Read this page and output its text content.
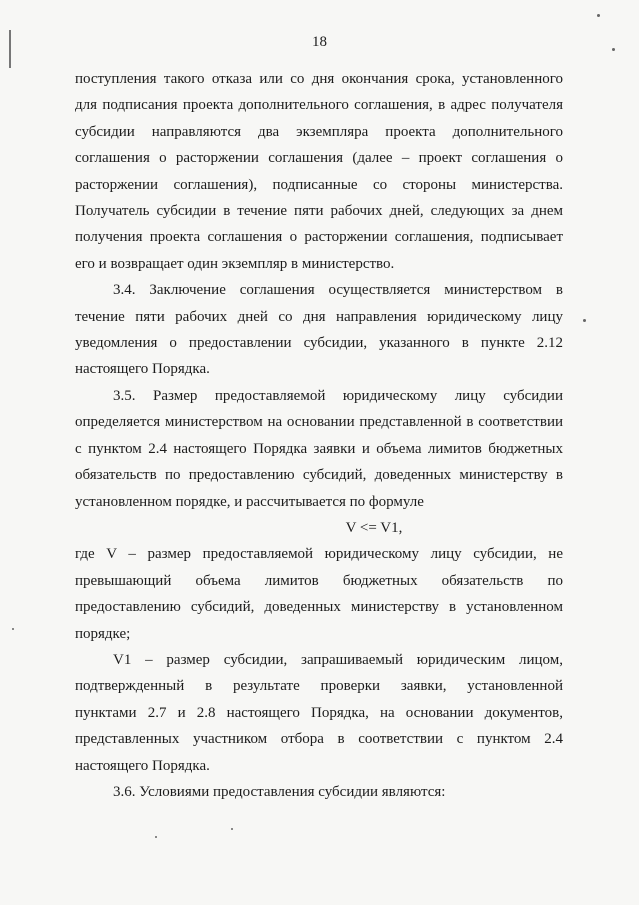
18

поступления такого отказа или со дня окончания срока, установленного

для подписания проекта дополнительного соглашения, в адрес получателя

субсидии направляются два экземпляра проекта дополнительного

соглашения о расторжении соглашения (далее – проект соглашения о

расторжении соглашения), подписанные со стороны министерства.

Получатель субсидии в течение пяти рабочих дней, следующих за днем

получения проекта соглашения о расторжении соглашения, подписывает

его и возвращает один экземпляр в министерство.

3.4. Заключение соглашения осуществляется министерством в

течение пяти рабочих дней со дня направления юридическому лицу

уведомления о предоставлении субсидии, указанного в пункте 2.12

настоящего Порядка.

3.5. Размер предоставляемой юридическому лицу субсидии

определяется министерством на основании представленной в соответствии

с пунктом 2.4 настоящего Порядка заявки и объема лимитов бюджетных

обязательств по предоставлению субсидий, доведенных министерству в

установленном порядке, и рассчитывается по формуле

V <= V1,

где V – размер предоставляемой юридическому лицу субсидии, не

превышающий объема лимитов бюджетных обязательств по

предоставлению субсидий, доведенных министерству в установленном

порядке;

V1 – размер субсидии, запрашиваемый юридическим лицом,

подтвержденный в результате проверки заявки, установленной

пунктами 2.7 и 2.8 настоящего Порядка, на основании документов,

представленных участником отбора в соответствии с пунктом 2.4

настоящего Порядка.

3.6. Условиями предоставления субсидии являются:
